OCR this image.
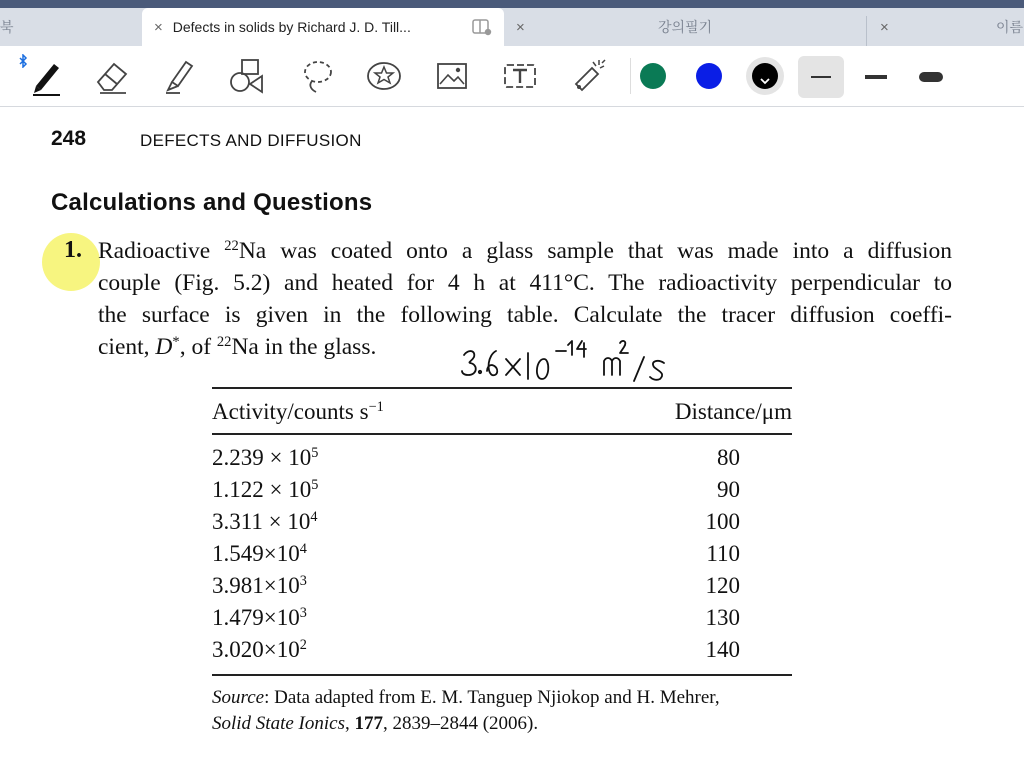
북	× Defects in solids by Richard J. D. Till...	×	강의필기	×	이름
248	DEFECTS AND DIFFUSION
Calculations and Questions
1. Radioactive $^{22}$Na was coated onto a glass sample that was made into a diffusion
couple (Fig. 5.2) and heated for 4 h at 411°C. The radioactivity perpendicular to
the surface is given in the following table. Calculate the tracer diffusion coeffi-
cient, D*, of $^{22}$Na in the glass.
Activity/counts $s^{-1}$	Distance/μm
$2.239 \times 10^5$	80
$1.122 \times 10^5$	90
$3.311 \times 10^4$	100
$1.549\times 10^4$	110
$3.981\times 10^3$	120
$1.479\times 10^3$	130
$3.020\times 10^2$	140
Source: Data adapted from E. M. Tanguep Njiokop and H. Mehrer,
Solid State Ionics, 177, 2839–2844 (2006).
